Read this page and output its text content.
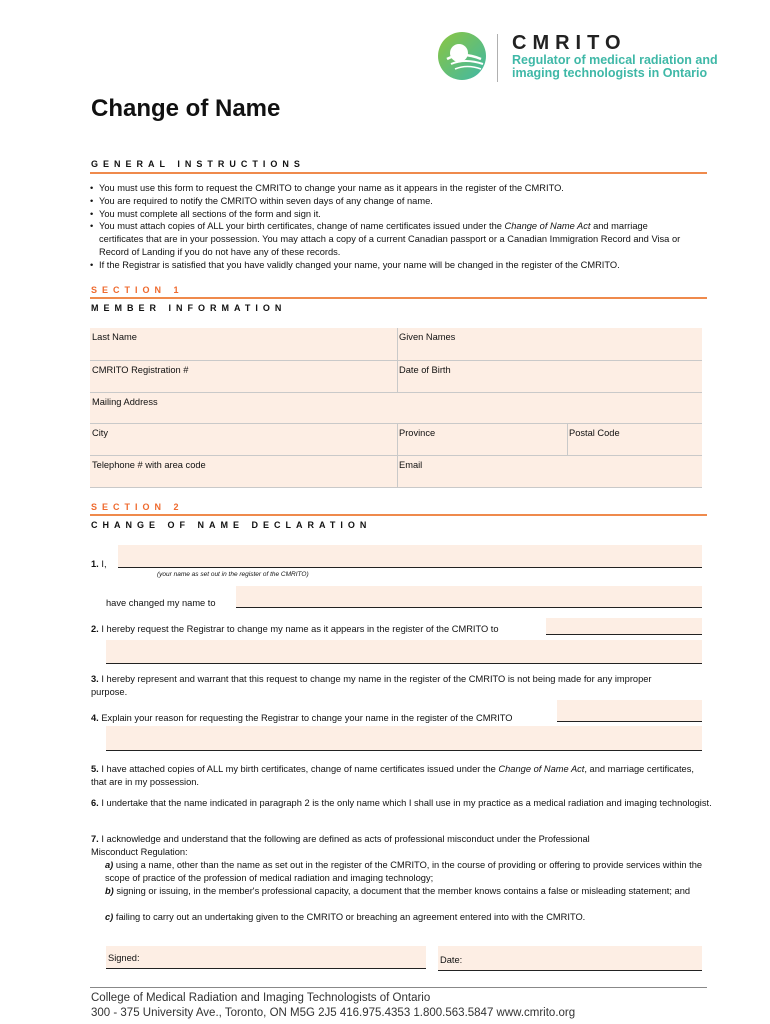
CMRITO
Regulator of medical radiation and
imaging technologists in Ontario
Change of Name
GENERAL INSTRUCTIONS
• You must use this form to request the CMRITO to change your name as it appears in the register of the CMRITO.
• You are required to notify the CMRITO within seven days of any change of name.
• You must complete all sections of the form and sign it.
• You must attach copies of ALL your birth certificates, change of name certificates issued under the Change of Name Act and marriage certificates that are in your possession. You may attach a copy of a current Canadian passport or a Canadian Immigration Record and Visa or Record of Landing if you do not have any of these records.
• If the Registrar is satisfied that you have validly changed your name, your name will be changed in the register of the CMRITO.
SECTION 1
MEMBER INFORMATION
Last Name	Given Names
CMRITO Registration #	Date of Birth
Mailing Address
City	Province	Postal Code
Telephone # with area code	Email
SECTION 2
CHANGE OF NAME DECLARATION
1. I,
(your name as set out in the register of the CMRITO)
have changed my name to
2. I hereby request the Registrar to change my name as it appears in the register of the CMRITO to
3. I hereby represent and warrant that this request to change my name in the register of the CMRITO is not being made for any improper purpose.
4. Explain your reason for requesting the Registrar to change your name in the register of the CMRITO
5. I have attached copies of ALL my birth certificates, change of name certificates issued under the Change of Name Act, and marriage certificates, that are in my possession.
6. I undertake that the name indicated in paragraph 2 is the only name which I shall use in my practice as a medical radiation and imaging technologist.
7. I acknowledge and understand that the following are defined as acts of professional misconduct under the Professional Misconduct Regulation:
a) using a name, other than the name as set out in the register of the CMRITO, in the course of providing or offering to provide services within the scope of practice of the profession of medical radiation and imaging technology;
b) signing or issuing, in the member's professional capacity, a document that the member knows contains a false or misleading statement; and
c) failing to carry out an undertaking given to the CMRITO or breaching an agreement entered into with the CMRITO.
Signed:	Date:
College of Medical Radiation and Imaging Technologists of Ontario
300 - 375 University Ave., Toronto, ON M5G 2J5 416.975.4353 1.800.563.5847 www.cmrito.org
